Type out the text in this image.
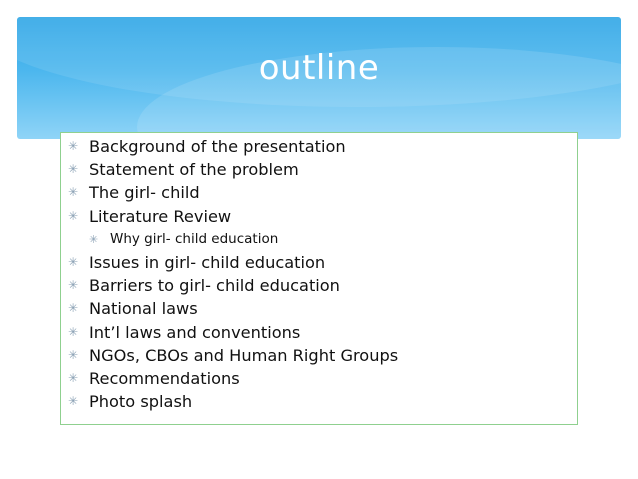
outline
✳ Background of the presentation
✳ Statement of the problem
✳ The girl- child
✳ Literature Review
✳ Why girl- child education
✳ Issues in girl- child education
✳ Barriers to girl- child education
✳ National laws
✳ Int’l laws and conventions
✳ NGOs, CBOs and Human Right Groups
✳ Recommendations
✳ Photo splash
